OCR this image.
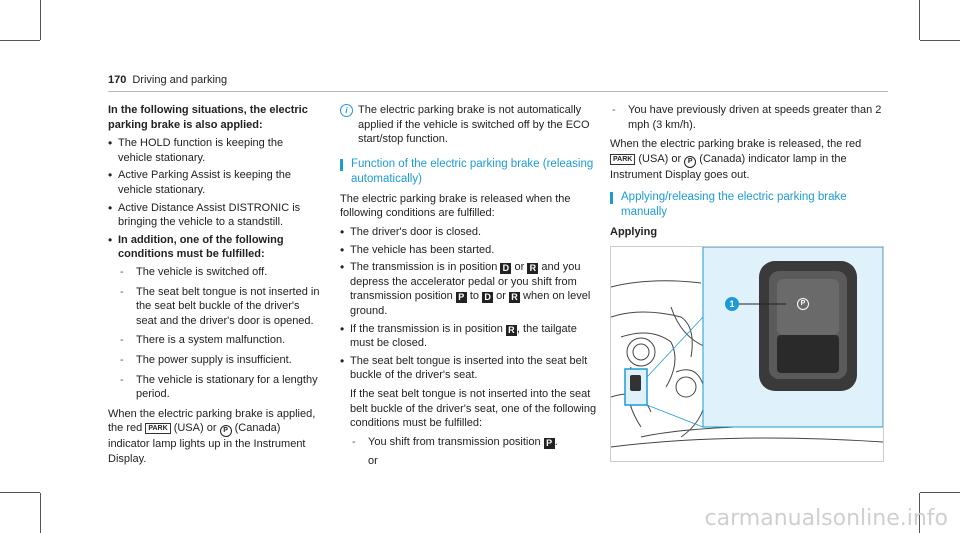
170 Driving and parking

In the following situations, the electric parking brake is also applied:

• The HOLD function is keeping the vehicle stationary.
• Active Parking Assist is keeping the vehicle stationary.
• Active Distance Assist DISTRONIC is bringing the vehicle to a standstill.
• In addition, one of the following conditions must be fulfilled:
- The vehicle is switched off.
- The seat belt tongue is not inserted in the seat belt buckle of the driver's seat and the driver's door is opened.
- There is a system malfunction.
- The power supply is insufficient.
- The vehicle is stationary for a lengthy period.

When the electric parking brake is applied, the red PARK (USA) or P (Canada) indicator lamp lights up in the Instrument Display.

i The electric parking brake is not automatically applied if the vehicle is switched off by the ECO start/stop function.
Function of the electric parking brake (releasing automatically)

The electric parking brake is released when the following conditions are fulfilled:

• The driver's door is closed.
• The vehicle has been started.
• The transmission is in position D or R and you depress the accelerator pedal or you shift from transmission position P to D or R when on level ground.
• If the transmission is in position R , the tailgate must be closed.
• The seat belt tongue is inserted into the seat belt buckle of the driver's seat.

If the seat belt tongue is not inserted into the seat belt buckle of the driver's seat, one of the following conditions must be fulfilled:

- You shift from transmission position P .

or

- You have previously driven at speeds greater than 2 mph (3 km/h).

When the electric parking brake is released, the red PARK (USA) or P (Canada) indicator lamp in the Instrument Display goes out.

Applying/releasing the electric parking brake manually

Applying

P
1
carmanualsonline.info
